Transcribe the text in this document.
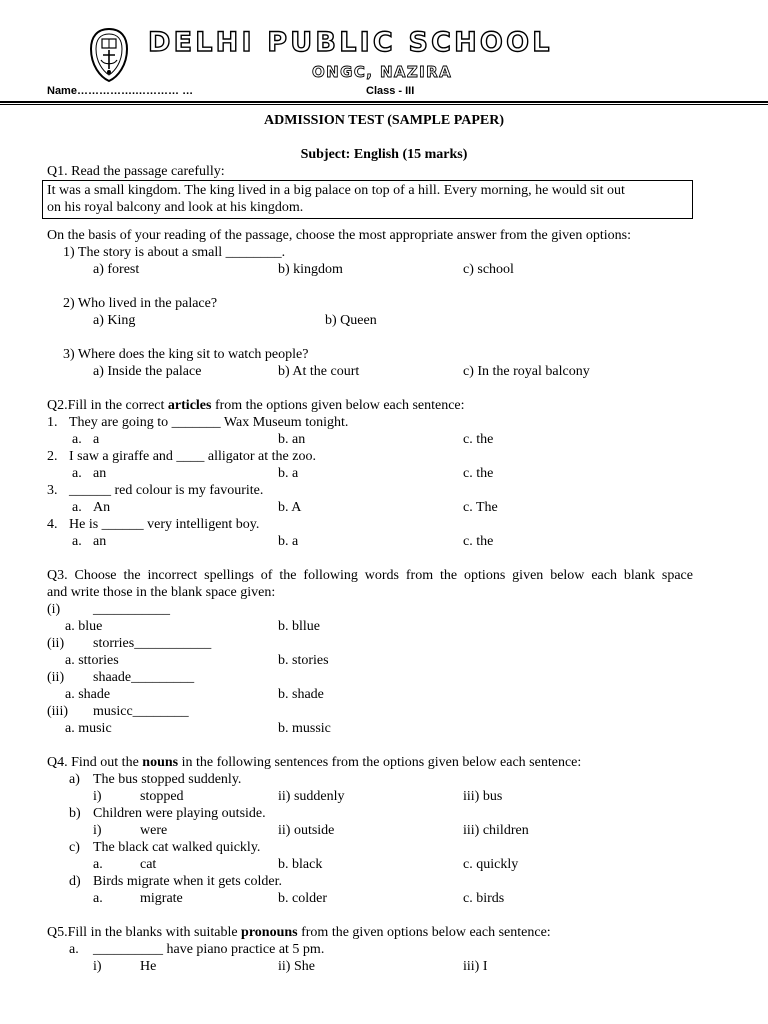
DELHI PUBLIC SCHOOL
ONGC, NAZIRA
Name…………….………… …	Class - III
ADMISSION TEST (SAMPLE PAPER)
Subject: English (15 marks)
Q1. Read the passage carefully:
It was a small kingdom. The king lived in a big palace on top of a hill. Every morning, he would sit out
on his royal balcony and look at his kingdom.
On the basis of your reading of the passage, choose the most appropriate answer from the given options:
1) The story is about a small ________.
a) forest	b) kingdom	c) school
2) Who lived in the palace?
a) King	b) Queen
3) Where does the king sit to watch people?
a) Inside the palace	b) At the court	c) In the royal balcony
Q2.Fill in the correct articles from the options given below each sentence:
1. They are going to _______ Wax Museum tonight.
a. a	b. an	c. the
2. I saw a giraffe and ____ alligator at the zoo.
a. an	b. a	c. the
3. ______ red colour is my favourite.
a. An	b. A	c. The
4. He is ______ very intelligent boy.
a. an	b. a	c. the
Q3. Choose the incorrect spellings of the following words from the options given below each blank space
and write those in the blank space given:
(i) ___________
a. blue	b. bllue
(ii) storries___________
a. sttories	b. stories
(ii) shaade_________
a. shade	b. shade
(iii) musicc________
a. music	b. mussic
Q4. Find out the nouns in the following sentences from the options given below each sentence:
a) The bus stopped suddenly.
i)	stopped	ii) suddenly	iii) bus
b) Children were playing outside.
i)	were	ii) outside	iii) children
c) The black cat walked quickly.
a.	cat	b. black	c. quickly
d) Birds migrate when it gets colder.
a.	migrate	b. colder	c. birds
Q5.Fill in the blanks with suitable pronouns from the given options below each sentence:
a. __________ have piano practice at 5 pm.
i)	He	ii) She	iii) I
